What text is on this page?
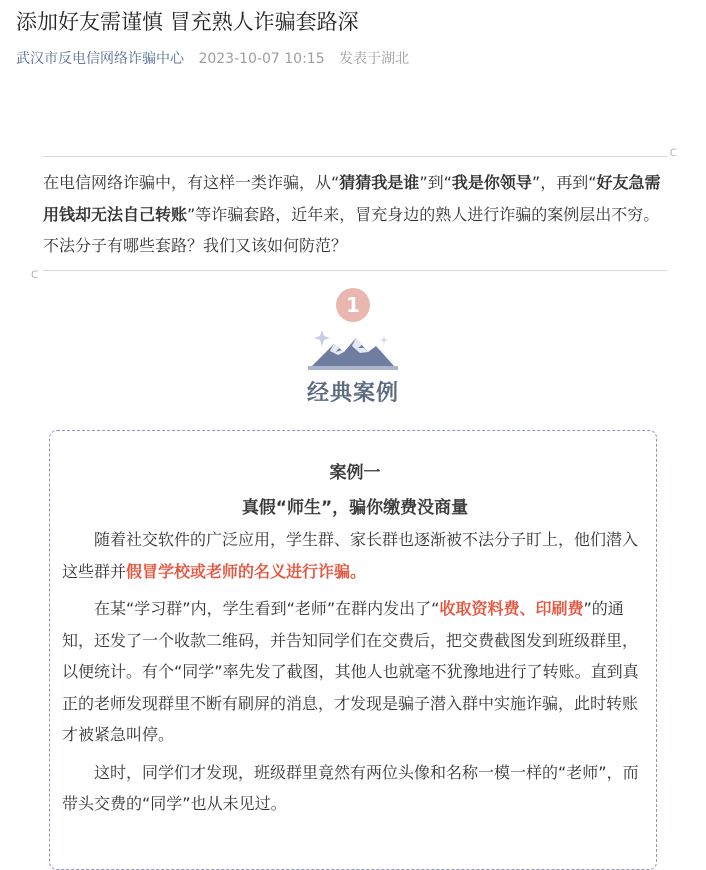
添加好友需谨慎 冒充熟人诈骗套路深
武汉市反电信网络诈骗中心 2023-10-07 10:15 发表于湖北
ᑕ

在电信网络诈骗中，有这样一类诈骗，从“猜猜我是谁”到“我是你领导”，再到“好友急需用钱却无法自己转账”等诈骗套路，近年来，冒充身边的熟人进行诈骗的案例层出不穷。不法分子有哪些套路？我们又该如何防范？

ᑕ
1
经典案例
案例一
真假“师生”，骗你缴费没商量

随着社交软件的广泛应用，学生群、家长群也逐渐被不法分子盯上，他们潜入这些群并假冒学校或老师的名义进行诈骗。

在某“学习群”内，学生看到“老师”在群内发出了“收取资料费、印刷费”的通知，还发了一个收款二维码，并告知同学们在交费后，把交费截图发到班级群里，以便统计。有个“同学”率先发了截图，其他人也就毫不犹豫地进行了转账。直到真正的老师发现群里不断有刷屏的消息，才发现是骗子潜入群中实施诈骗，此时转账才被紧急叫停。

这时，同学们才发现，班级群里竟然有两位头像和名称一模一样的“老师”，而带头交费的“同学”也从未见过。
